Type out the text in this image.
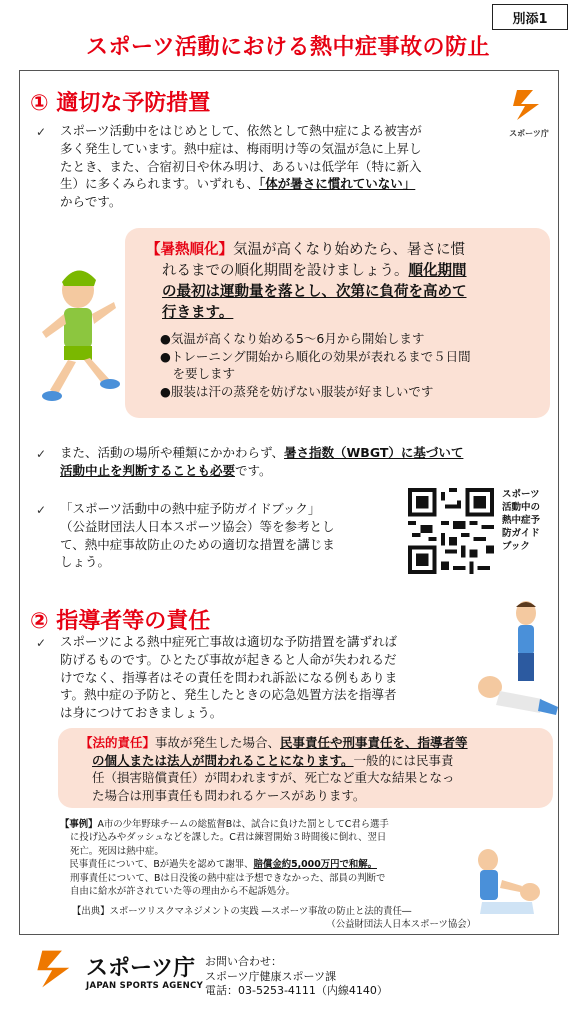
別添1
スポーツ活動における熱中症事故の防止
① 適切な予防措置
スポーツ庁
✓ スポーツ活動中をはじめとして、依然として熱中症による被害が
多く発生しています。熱中症は、梅雨明け等の気温が急に上昇し
たとき、また、合宿初日や休み明け、あるいは低学年（特に新入
生）に多くみられます。いずれも、「体が暑さに慣れていない」
からです。
【暑熱順化】気温が高くなり始めたら、暑さに慣
れるまでの順化期間を設けましょう。順化期間
の最初は運動量を落とし、次第に負荷を高めて
行きます。
●気温が高くなり始める5～6月から開始します
●トレーニング開始から順化の効果が表れるまで５日間
　を要します
●服装は汗の蒸発を妨げない服装が好ましいです
✓ また、活動の場所や種類にかかわらず、暑さ指数（WBGT）に基づいて
活動中止を判断することも必要です。
✓ 「スポーツ活動中の熱中症予防ガイドブック」
（公益財団法人日本スポーツ協会）等を参考とし
て、熱中症事故防止のための適切な措置を講じま
しょう。
スポーツ
活動中の
熱中症予
防ガイド
ブック
② 指導者等の責任
✓ スポーツによる熱中症死亡事故は適切な予防措置を講ずれば
防げるものです。ひとたび事故が起きると人命が失われるだ
けでなく、指導者はその責任を問われ訴訟になる例もありま
す。熱中症の予防と、発生したときの応急処置方法を指導者
は身につけておきましょう。
【法的責任】事故が発生した場合、民事責任や刑事責任を、指導者等
の個人または法人が問われることになります。一般的には民事責
任（損害賠償責任）が問われますが、死亡など重大な結果となっ
た場合は刑事責任も問われるケースがあります。
【事例】A市の少年野球チームの総監督Bは、試合に負けた罰としてC君ら選手
に投げ込みやダッシュなどを課した。C君は練習開始３時間後に倒れ、翌日
死亡。死因は熱中症。
　民事責任について、Bが過失を認めて謝罪、賠償金約5,000万円で和解。
刑事責任について、Bは日没後の熱中症は予想できなかった、部員の判断で
自由に給水が許されていた等の理由から不起訴処分。
【出典】スポーツリスクマネジメントの実践 ―スポーツ事故の防止と法的責任―
（公益財団法人日本スポーツ協会）
スポーツ庁
JAPAN SPORTS AGENCY
お問い合わせ：
スポーツ庁健康スポーツ課
電話：03-5253-4111（内線4140）
